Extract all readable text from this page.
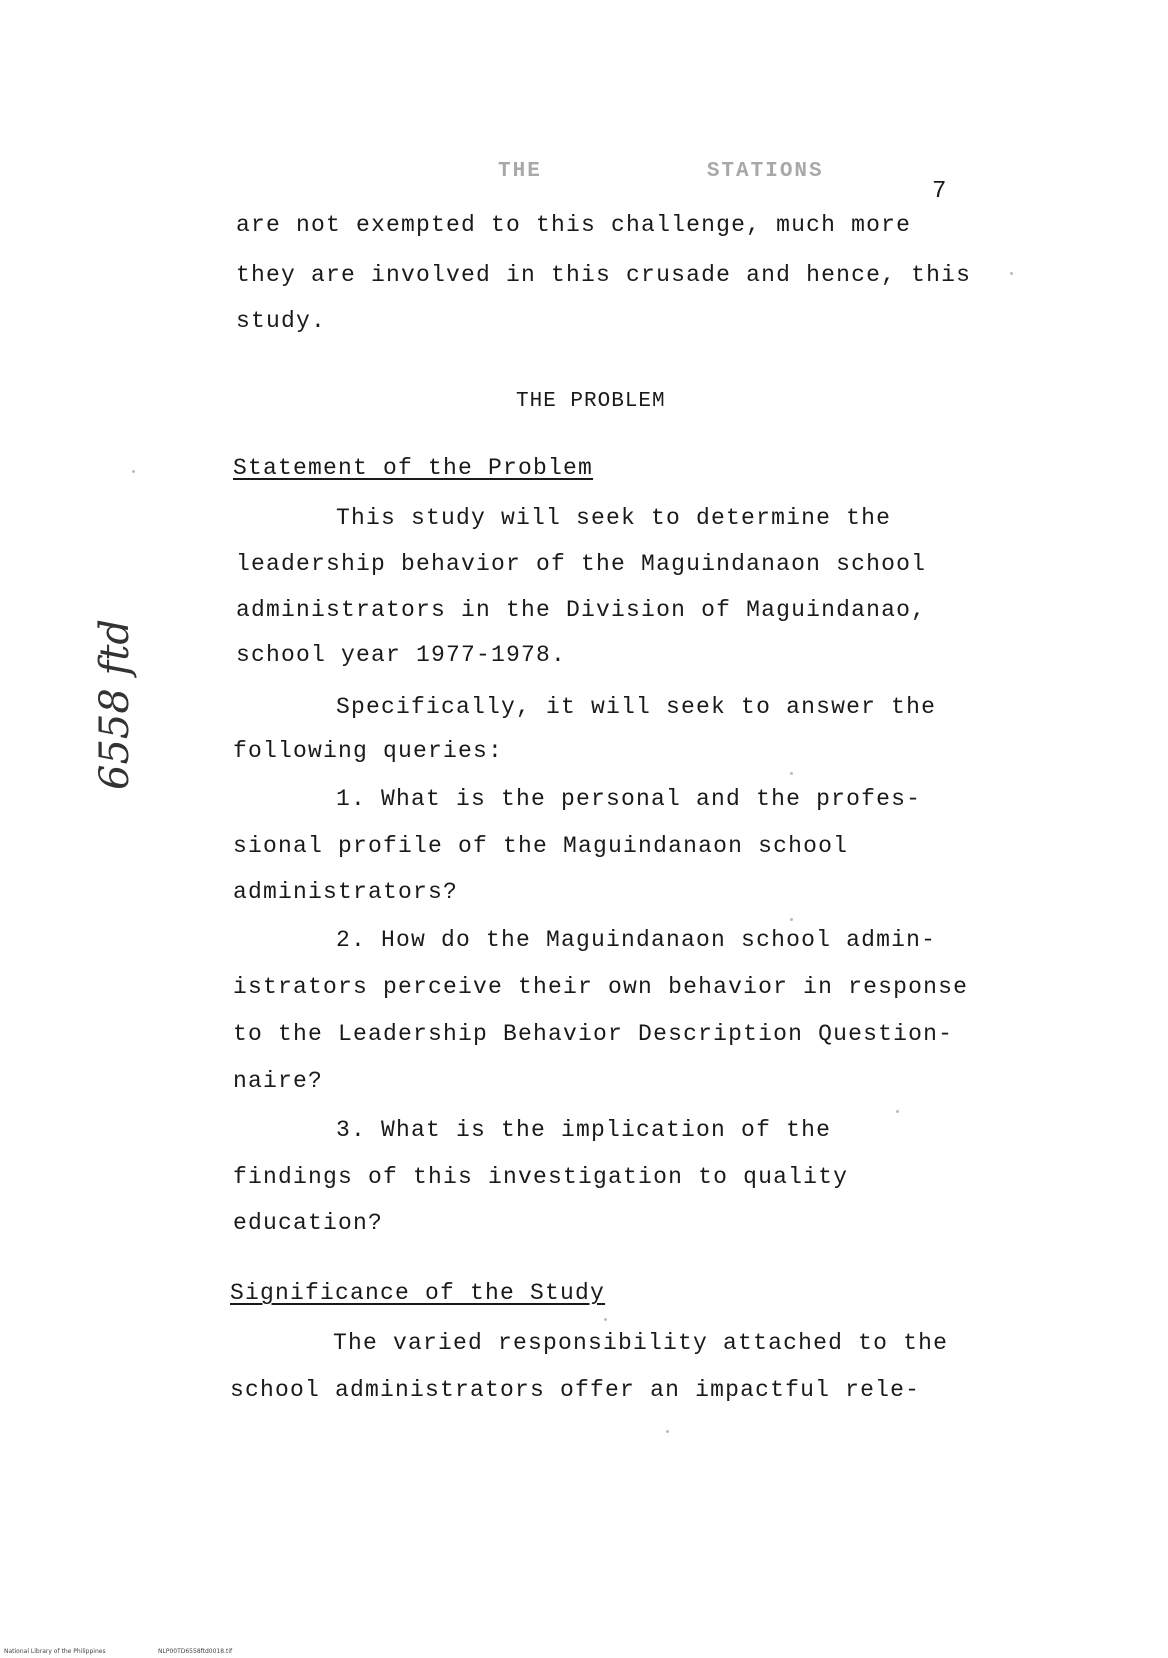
THE	STATIONS
7
are not exempted to this challenge, much more
they are involved in this crusade and hence, this
study.
THE PROBLEM
Statement of the Problem
This study will seek to determine the
leadership behavior of the Maguindanaon school
administrators in the Division of Maguindanao,
school year 1977-1978.
Specifically, it will seek to answer the
following queries:
1. What is the personal and the profes-
sional profile of the Maguindanaon school
administrators?
2. How do the Maguindanaon school admin-
istrators perceive their own behavior in response
to the Leadership Behavior Description Question-
naire?
3. What is the implication of the
findings of this investigation to quality
education?
Significance of the Study
The varied responsibility attached to the
school administrators offer an impactful rele-
6558 ftd
National Library of the Philippines	NLP00TD6558ftd0018.tif
